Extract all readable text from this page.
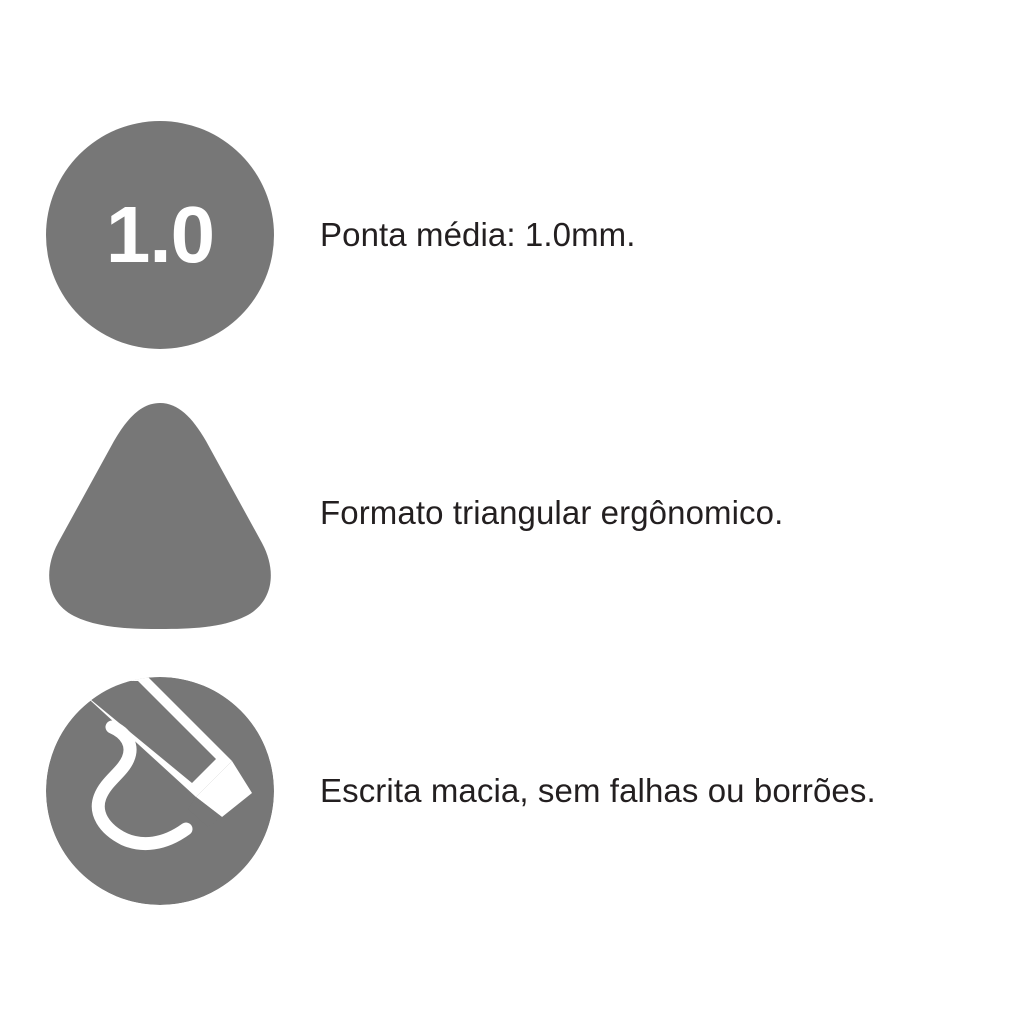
1.0	Ponta média: 1.0mm.
Formato triangular ergônomico.
Escrita macia, sem falhas ou borrões.
